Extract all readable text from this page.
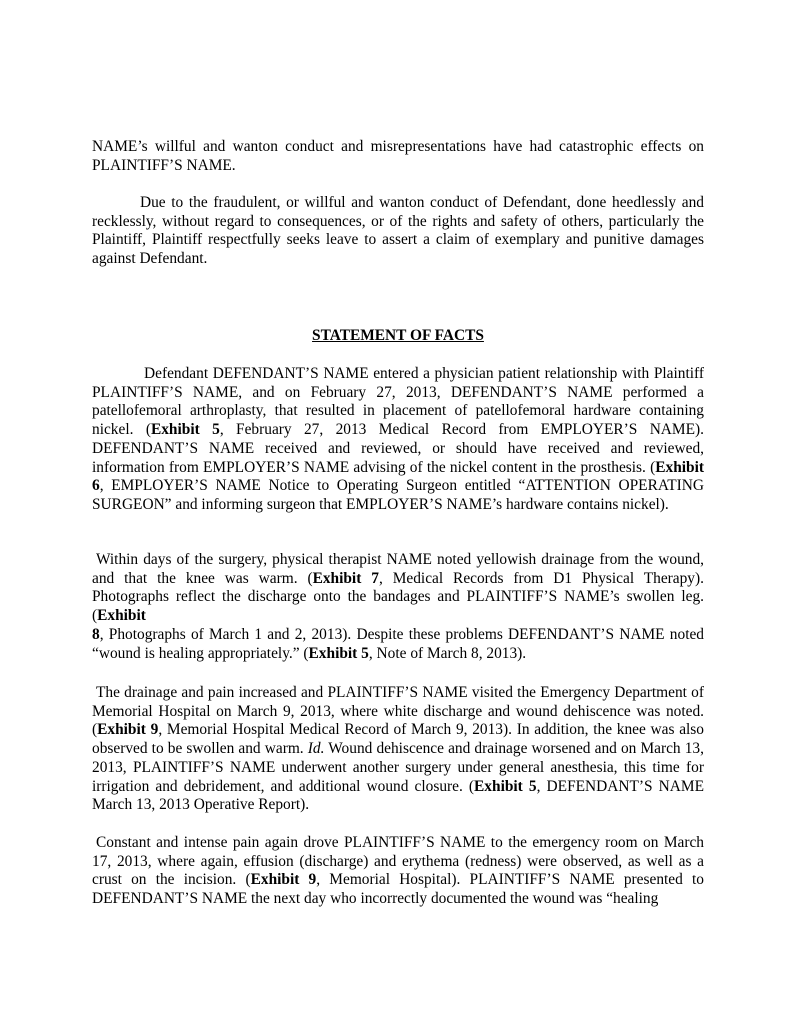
NAME’s willful and wanton conduct and misrepresentations have had catastrophic effects on PLAINTIFF’S NAME.

Due to the fraudulent, or willful and wanton conduct of Defendant, done heedlessly and recklessly, without regard to consequences, or of the rights and safety of others, particularly the Plaintiff, Plaintiff respectfully seeks leave to assert a claim of exemplary and punitive damages against Defendant.

STATEMENT OF FACTS

Defendant DEFENDANT’S NAME entered a physician patient relationship with Plaintiff PLAINTIFF’S NAME, and on February 27, 2013, DEFENDANT’S NAME performed a patellofemoral arthroplasty, that resulted in placement of patellofemoral hardware containing nickel. (Exhibit 5, February 27, 2013 Medical Record from EMPLOYER’S NAME). DEFENDANT’S NAME received and reviewed, or should have received and reviewed, information from EMPLOYER’S NAME advising of the nickel content in the prosthesis. (Exhibit 6, EMPLOYER’S NAME Notice to Operating Surgeon entitled “ATTENTION OPERATING SURGEON” and informing surgeon that EMPLOYER’S NAME’s hardware contains nickel).

Within days of the surgery, physical therapist NAME noted yellowish drainage from the wound, and that the knee was warm. (Exhibit 7, Medical Records from D1 Physical Therapy). Photographs reflect the discharge onto the bandages and PLAINTIFF’S NAME’s swollen leg. (Exhibit
8, Photographs of March 1 and 2, 2013). Despite these problems DEFENDANT’S NAME noted “wound is healing appropriately.” (Exhibit 5, Note of March 8, 2013).

The drainage and pain increased and PLAINTIFF’S NAME visited the Emergency Department of Memorial Hospital on March 9, 2013, where white discharge and wound dehiscence was noted. (Exhibit 9, Memorial Hospital Medical Record of March 9, 2013). In addition, the knee was also observed to be swollen and warm. Id. Wound dehiscence and drainage worsened and on March 13, 2013, PLAINTIFF’S NAME underwent another surgery under general anesthesia, this time for irrigation and debridement, and additional wound closure. (Exhibit 5, DEFENDANT’S NAME March 13, 2013 Operative Report).

Constant and intense pain again drove PLAINTIFF’S NAME to the emergency room on March 17, 2013, where again, effusion (discharge) and erythema (redness) were observed, as well as a crust on the incision. (Exhibit 9, Memorial Hospital). PLAINTIFF’S NAME presented to DEFENDANT’S NAME the next day who incorrectly documented the wound was “healing
